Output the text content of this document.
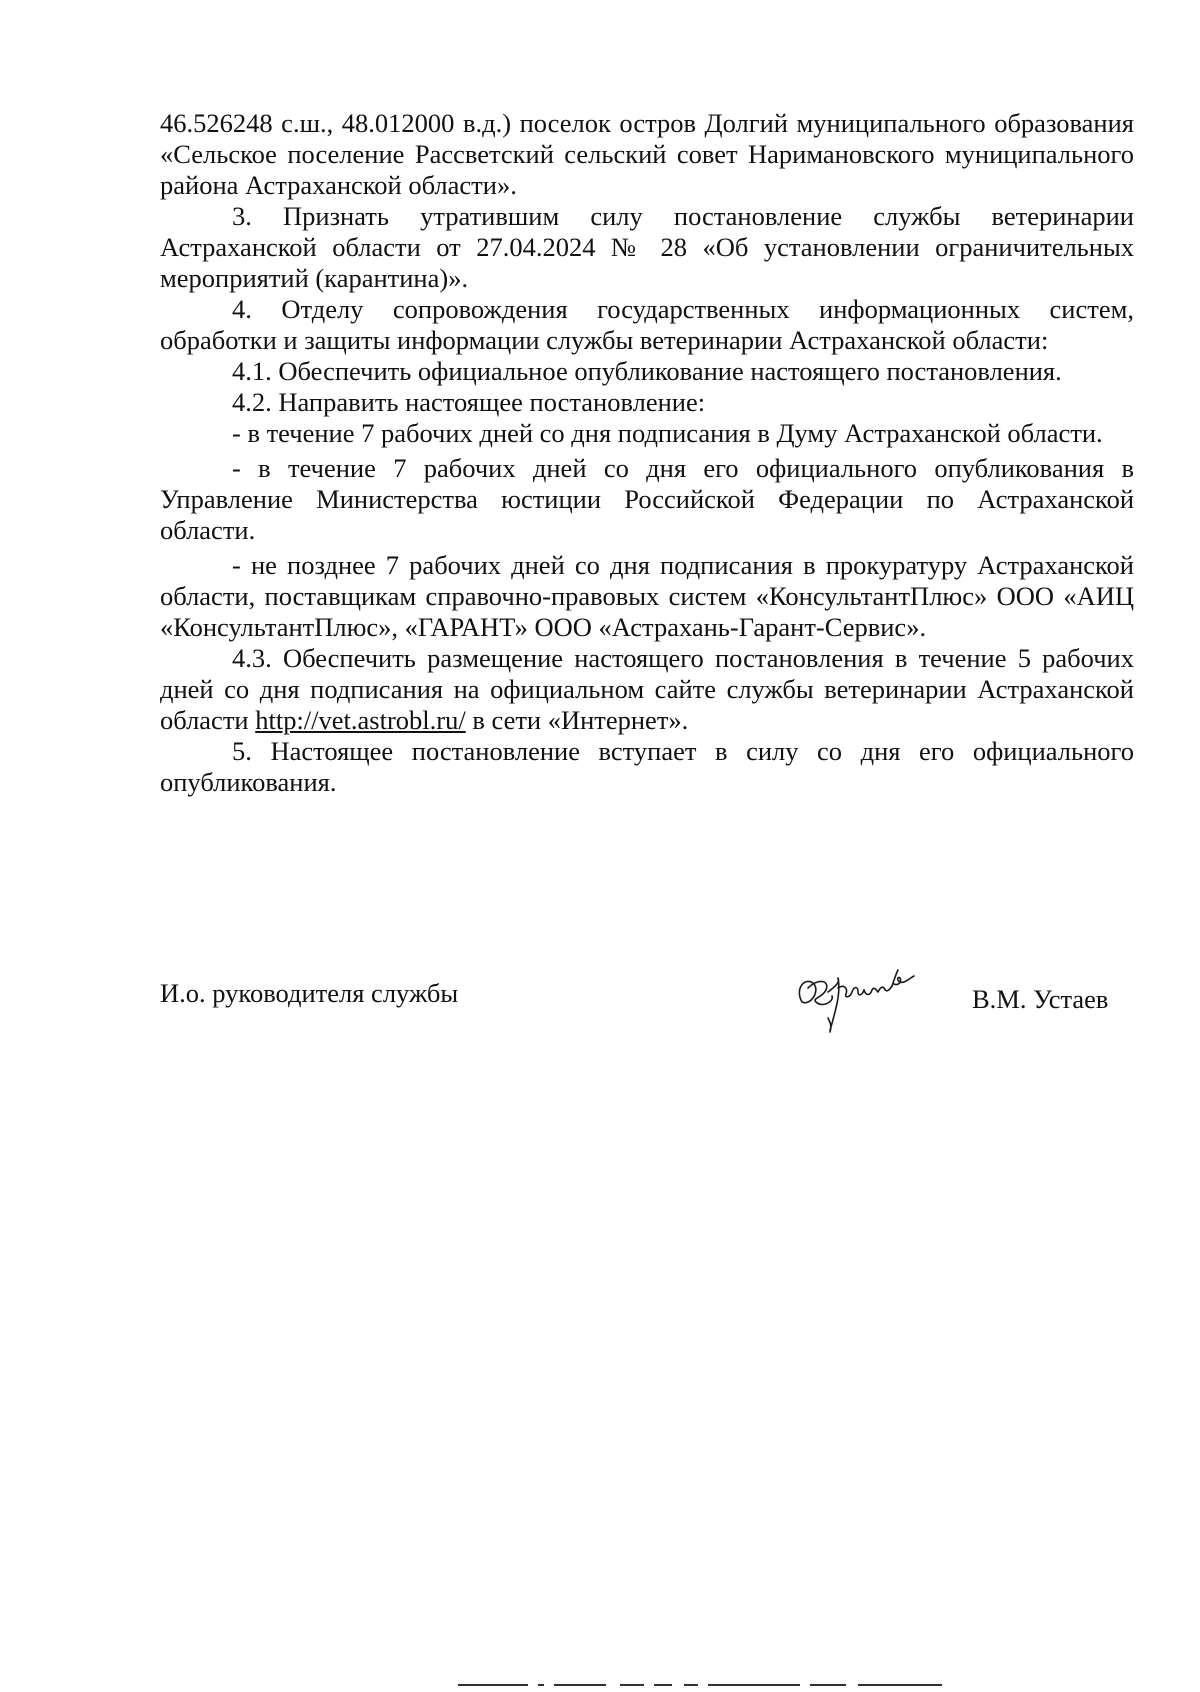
46.526248 с.ш., 48.012000 в.д.) поселок остров Долгий муниципального образования «Сельское поселение Рассветский сельский совет Наримановского муниципального района Астраханской области».

3. Признать утратившим силу постановление службы ветеринарии Астраханской области от 27.04.2024 № 28 «Об установлении ограничительных мероприятий (карантина)».

4. Отделу сопровождения государственных информационных систем, обработки и защиты информации службы ветеринарии Астраханской области:

4.1. Обеспечить официальное опубликование настоящего постановления.

4.2. Направить настоящее постановление:

- в течение 7 рабочих дней со дня подписания в Думу Астраханской области.

- в течение 7 рабочих дней со дня его официального опубликования в Управление Министерства юстиции Российской Федерации по Астраханской области.

- не позднее 7 рабочих дней со дня подписания в прокуратуру Астраханской области, поставщикам справочно-правовых систем «КонсультантПлюс» ООО «АИЦ «КонсультантПлюс», «ГАРАНТ» ООО «Астрахань-Гарант-Сервис».

4.3. Обеспечить размещение настоящего постановления в течение 5 рабочих дней со дня подписания на официальном сайте службы ветеринарии Астраханской области http://vet.astrobl.ru/ в сети «Интернет».

5. Настоящее постановление вступает в силу со дня его официального опубликования.

И.о. руководителя службы	В.М. Устаев
